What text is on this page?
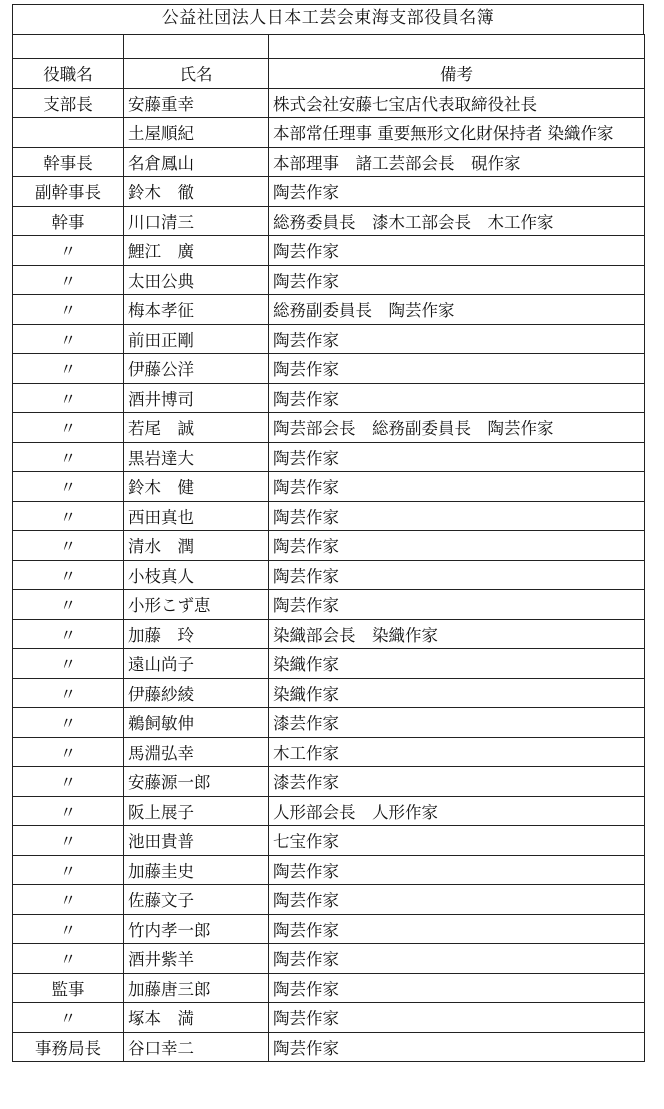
公益社団法人日本工芸会東海支部役員名簿

役職名	氏名	備考
支部長	安藤重幸	株式会社安藤七宝店代表取締役社長
	土屋順紀	本部常任理事 重要無形文化財保持者 染織作家
幹事長	名倉鳳山	本部理事　諸工芸部会長　硯作家
副幹事長	鈴木　徹	陶芸作家
幹事	川口清三	総務委員長　漆木工部会長　木工作家
〃	鯉江　廣	陶芸作家
〃	太田公典	陶芸作家
〃	梅本孝征	総務副委員長　陶芸作家
〃	前田正剛	陶芸作家
〃	伊藤公洋	陶芸作家
〃	酒井博司	陶芸作家
〃	若尾　誠	陶芸部会長　総務副委員長　陶芸作家
〃	黒岩達大	陶芸作家
〃	鈴木　健	陶芸作家
〃	西田真也	陶芸作家
〃	清水　潤	陶芸作家
〃	小枝真人	陶芸作家
〃	小形こず恵	陶芸作家
〃	加藤　玲	染織部会長　染織作家
〃	遠山尚子	染織作家
〃	伊藤紗綾	染織作家
〃	鵜飼敏伸	漆芸作家
〃	馬淵弘幸	木工作家
〃	安藤源一郎	漆芸作家
〃	阪上展子	人形部会長　人形作家
〃	池田貴普	七宝作家
〃	加藤圭史	陶芸作家
〃	佐藤文子	陶芸作家
〃	竹内孝一郎	陶芸作家
〃	酒井紫羊	陶芸作家
監事	加藤唐三郎	陶芸作家
〃	塚本　満	陶芸作家
事務局長	谷口幸二	陶芸作家
